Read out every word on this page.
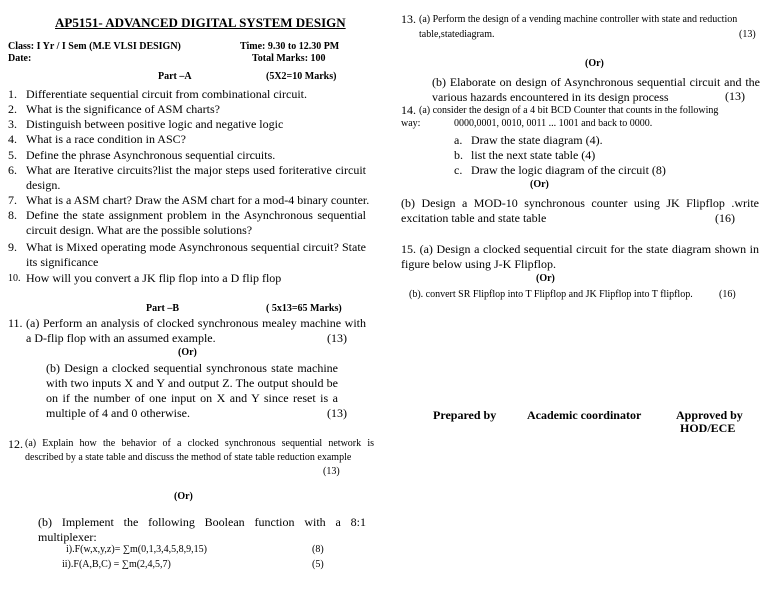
AP5151- ADVANCED DIGITAL SYSTEM DESIGN
Class: I Yr / I Sem (M.E VLSI DESIGN)	Time: 9.30 to 12.30 PM
Date:	Total Marks: 100
Part –A	(5X2=10 Marks)
1. Differentiate sequential circuit from combinational circuit.
2. What is the significance of ASM charts?
3. Distinguish between positive logic and negative logic
4. What is a race condition in ASC?
5. Define the phrase Asynchronous sequential circuits.
6. What are Iterative circuits?list the major steps used foriterative circuit design.
7. What is a ASM chart? Draw the ASM chart for a mod-4 binary counter.
8. Define the state assignment problem in the Asynchronous sequential circuit design. What are the possible solutions?
9. What is Mixed operating mode Asynchronous sequential circuit? State its significance
10. How will you convert a JK flip flop into a D flip flop
Part –B	( 5x13=65 Marks)
11. (a) Perform an analysis of clocked synchronous mealey machine with a D-flip flop with an assumed example.	(13)
(Or)
(b) Design a clocked sequential synchronous state machine with two inputs X and Y and output Z. The output should be on if the number of one input on X and Y since reset is a multiple of 4 and 0 otherwise.	(13)
12. (a) Explain how the behavior of a clocked synchronous sequential network is described by a state table and discuss the method of state table reduction example
(13)
(Or)
(b) Implement the following Boolean function with a 8:1 multiplexer:
i).F(w,x,y,z)= ∑m(0,1,3,4,5,8,9,15)	(8)
ii).F(A,B,C) = ∑m(2,4,5,7)	(5)
13. (a) Perform the design of a vending machine controller with state and reduction table,statediagram.	(13)
(Or)
(b) Elaborate on design of Asynchronous sequential circuit and the various hazards encountered in its design process	(13)
14. (a) consider the design of a 4 bit BCD Counter that counts in the following
way:	0000,0001, 0010, 0011 ... 1001 and back to 0000.
a. Draw the state diagram (4).
b. list the next state table (4)
c. Draw the logic diagram of the circuit (8)
(Or)
(b) Design a MOD-10 synchronous counter using JK Flipflop .write excitation table and state table	(16)
15. (a) Design a clocked sequential circuit for the state diagram shown in figure below using J-K Flipflop.
(Or)
(b). convert SR Flipflop into T Flipflop and JK Flipflop into T flipflop.	(16)
Prepared by	Academic coordinator	Approved by
HOD/ECE
